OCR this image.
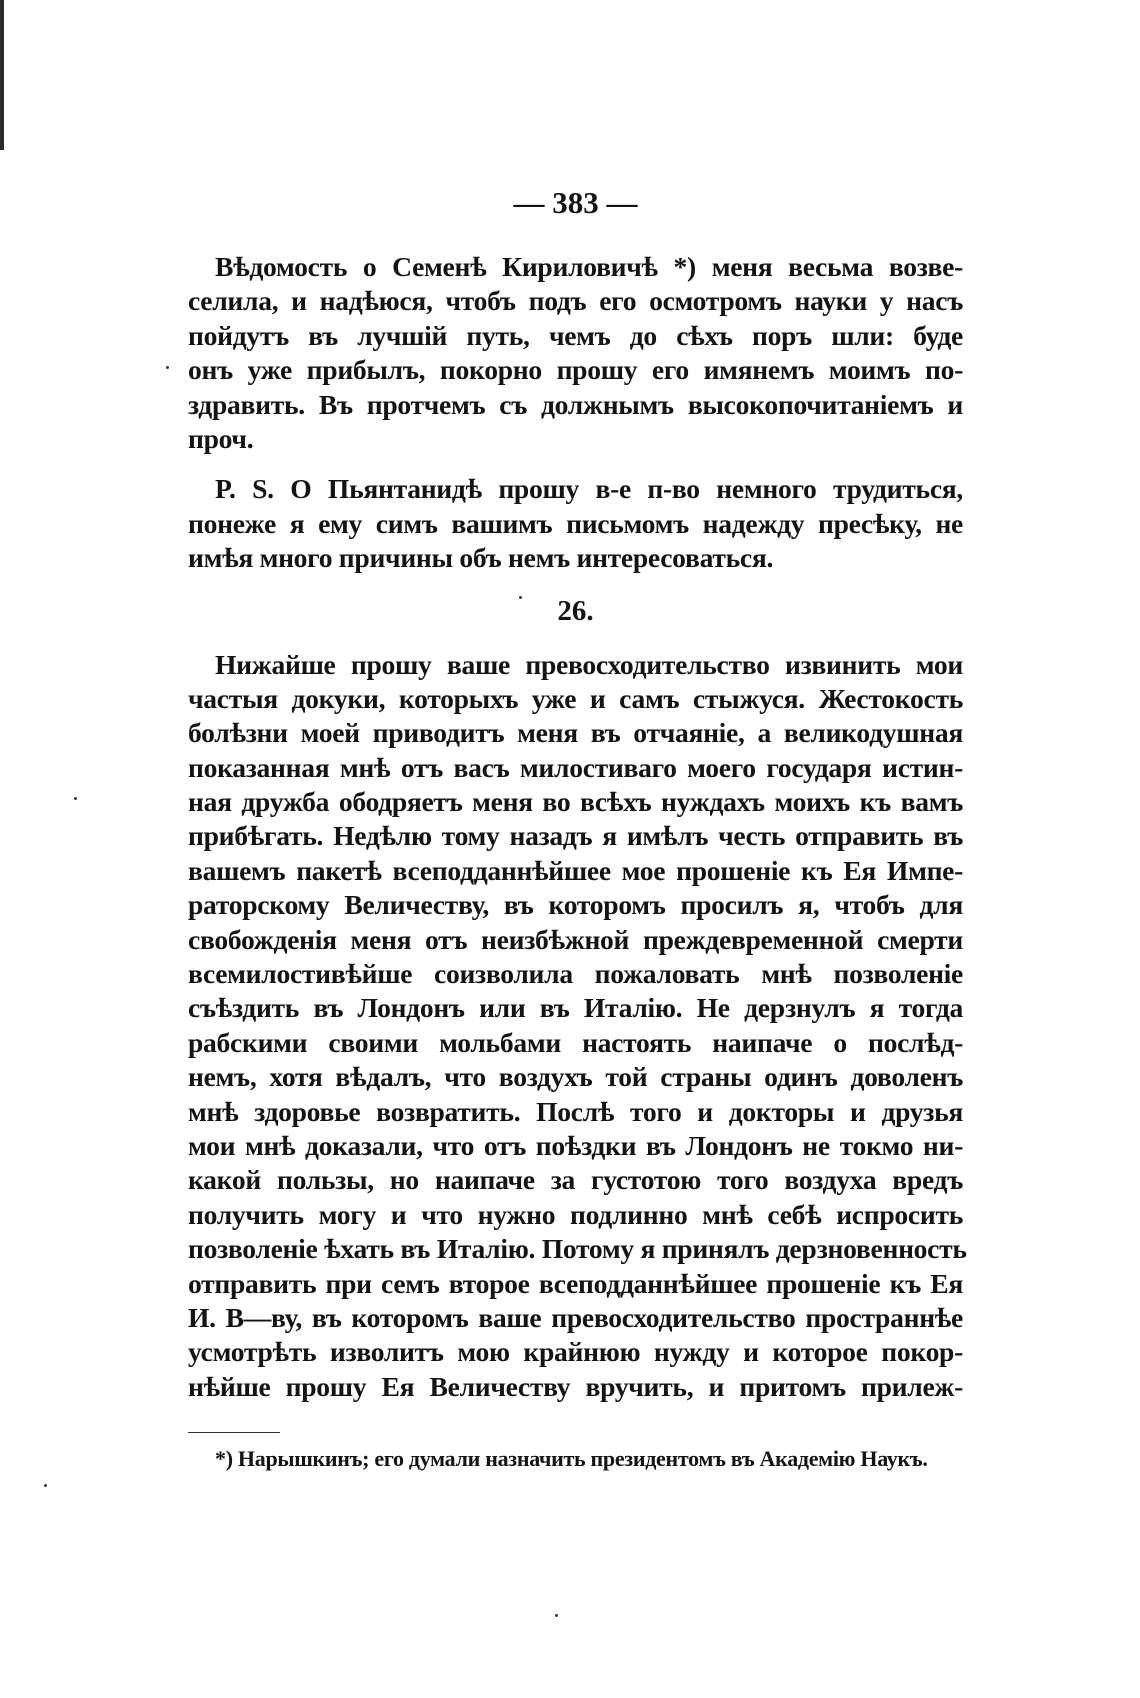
— 383 —
Вѣдомость о Семенѣ Кириловичѣ *) меня весьма возве-
селила, и надѣюся, чтобъ подъ его осмотромъ науки у насъ
пойдутъ въ лучшій путь, чемъ до сѣхъ поръ шли: буде
онъ уже прибылъ, покорно прошу его имянемъ моимъ по-
здравить. Въ протчемъ съ должнымъ высокопочитаніемъ и
проч.
P. S. О Пьянтанидѣ прошу в-е п-во немного трудиться,
понеже я ему симъ вашимъ письмомъ надежду пресѣку, не
имѣя много причины объ немъ интересоваться.
26.
Нижайше прошу ваше превосходительство извинить мои
частыя докуки, которыхъ уже и самъ стыжуся. Жестокость
болѣзни моей приводитъ меня въ отчаяніе, а великодушная
показанная мнѣ отъ васъ милостиваго моего государя истин-
ная дружба ободряетъ меня во всѣхъ нуждахъ моихъ къ вамъ
прибѣгать. Недѣлю тому назадъ я имѣлъ честь отправить въ
вашемъ пакетѣ всеподданнѣйшее мое прошеніе къ Ея Импе-
раторскому Величеству, въ которомъ просилъ я, чтобъ для
свобожденія меня отъ неизбѣжной преждевременной смерти
всемилостивѣйше соизволила пожаловать мнѣ позволеніе
съѣздить въ Лондонъ или въ Италію. Не дерзнулъ я тогда
рабскими своими мольбами настоять наипаче о послѣд-
немъ, хотя вѣдалъ, что воздухъ той страны одинъ доволенъ
мнѣ здоровье возвратить. Послѣ того и докторы и друзья
мои мнѣ доказали, что отъ поѣздки въ Лондонъ не токмо ни-
какой пользы, но наипаче за густотою того воздуха вредъ
получить могу и что нужно подлинно мнѣ себѣ испросить
позволеніе ѣхать въ Италію. Потому я принялъ дерзновенность
отправить при семъ второе всеподданнѣйшее прошеніе къ Ея
И. В—ву, въ которомъ ваше превосходительство пространнѣе
усмотрѣть изволитъ мою крайнюю нужду и которое покор-
нѣйше прошу Ея Величеству вручить, и притомъ прилеж-
*) Нарышкинъ; его думали назначить президентомъ въ Академію Наукъ.
